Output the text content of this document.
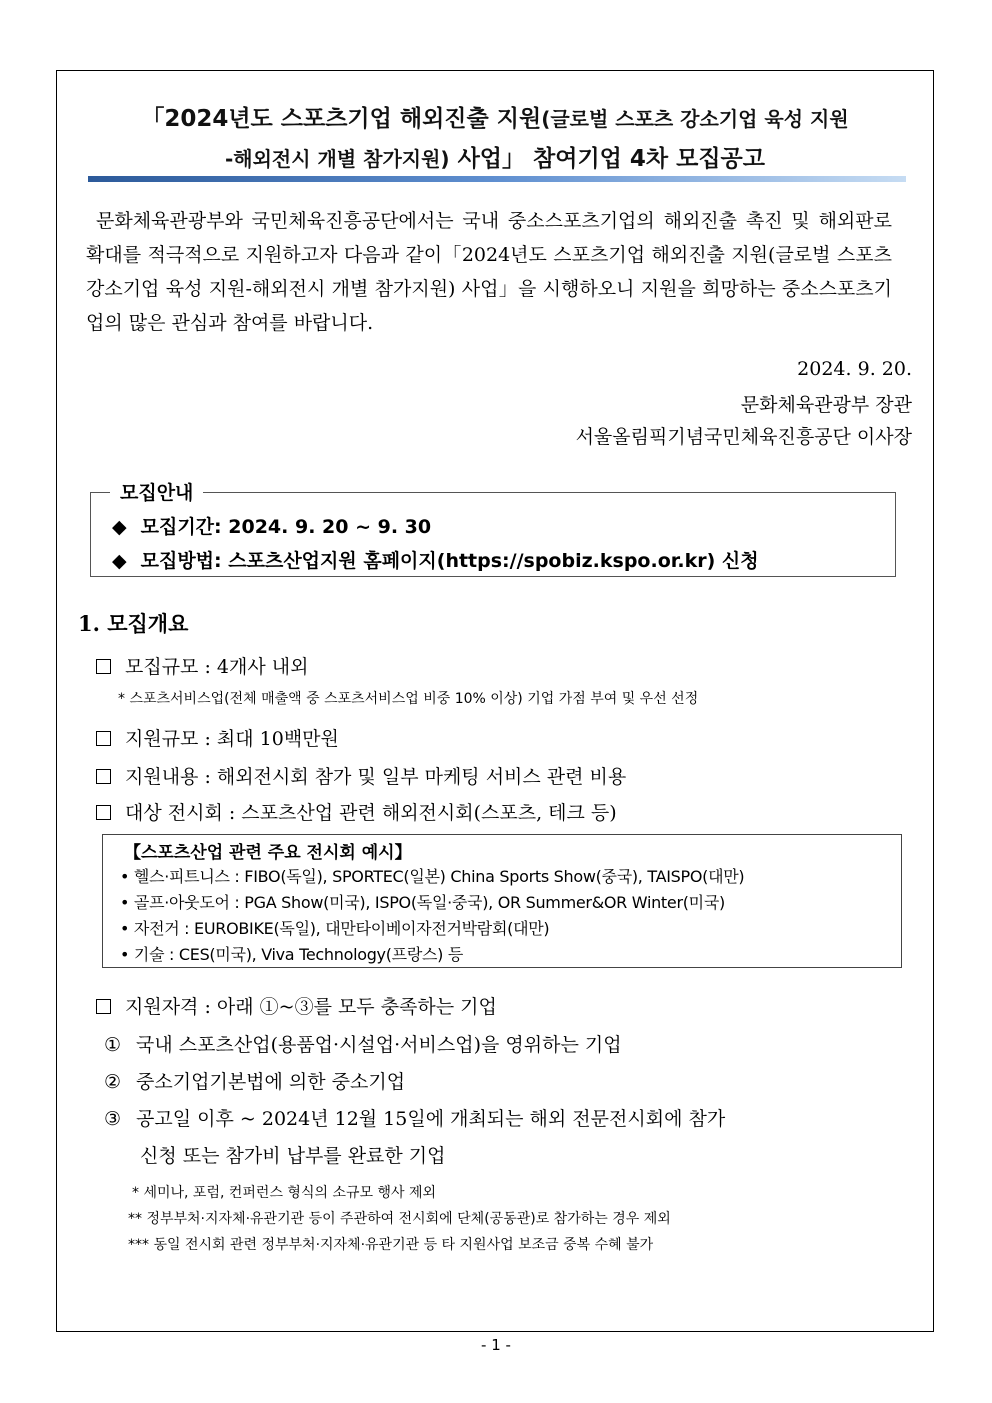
「2024년도 스포츠기업 해외진출 지원(글로벌 스포츠 강소기업 육성 지원
-해외전시 개별 참가지원) 사업」 참여기업 4차 모집공고

문화체육관광부와 국민체육진흥공단에서는 국내 중소스포츠기업의 해외진출 촉진 및 해외판로 확대를 적극적으로 지원하고자 다음과 같이「2024년도 스포츠기업 해외진출 지원(글로벌 스포츠 강소기업 육성 지원-해외전시 개별 참가지원) 사업」을 시행하오니 지원을 희망하는 중소스포츠기업의 많은 관심과 참여를 바랍니다.

2024. 9. 20.
문화체육관광부 장관
서울올림픽기념국민체육진흥공단 이사장
모집안내
◆ 모집기간: 2024. 9. 20 ~ 9. 30
◆ 모집방법: 스포츠산업지원 홈페이지(https://spobiz.kspo.or.kr) 신청
1. 모집개요
모집규모 : 4개사 내외
* 스포츠서비스업(전체 매출액 중 스포츠서비스업 비중 10% 이상) 기업 가점 부여 및 우선 선정
지원규모 : 최대 10백만원
지원내용 : 해외전시회 참가 및 일부 마케팅 서비스 관련 비용
대상 전시회 : 스포츠산업 관련 해외전시회(스포츠, 테크 등)
【스포츠산업 관련 주요 전시회 예시】
• 헬스·피트니스 : FIBO(독일), SPORTEC(일본) China Sports Show(중국), TAISPO(대만)
• 골프·아웃도어 : PGA Show(미국), ISPO(독일·중국), OR Summer&OR Winter(미국)
• 자전거 : EUROBIKE(독일), 대만타이베이자전거박람회(대만)
• 기술 : CES(미국), Viva Technology(프랑스) 등
지원자격 : 아래 ①~③를 모두 충족하는 기업
① 국내 스포츠산업(용품업·시설업·서비스업)을 영위하는 기업
② 중소기업기본법에 의한 중소기업
③ 공고일 이후 ~ 2024년 12월 15일에 개최되는 해외 전문전시회에 참가
신청 또는 참가비 납부를 완료한 기업
* 세미나, 포럼, 컨퍼런스 형식의 소규모 행사 제외
** 정부부처·지자체·유관기관 등이 주관하여 전시회에 단체(공동관)로 참가하는 경우 제외
*** 동일 전시회 관련 정부부처·지자체·유관기관 등 타 지원사업 보조금 중복 수혜 불가
- 1 -
